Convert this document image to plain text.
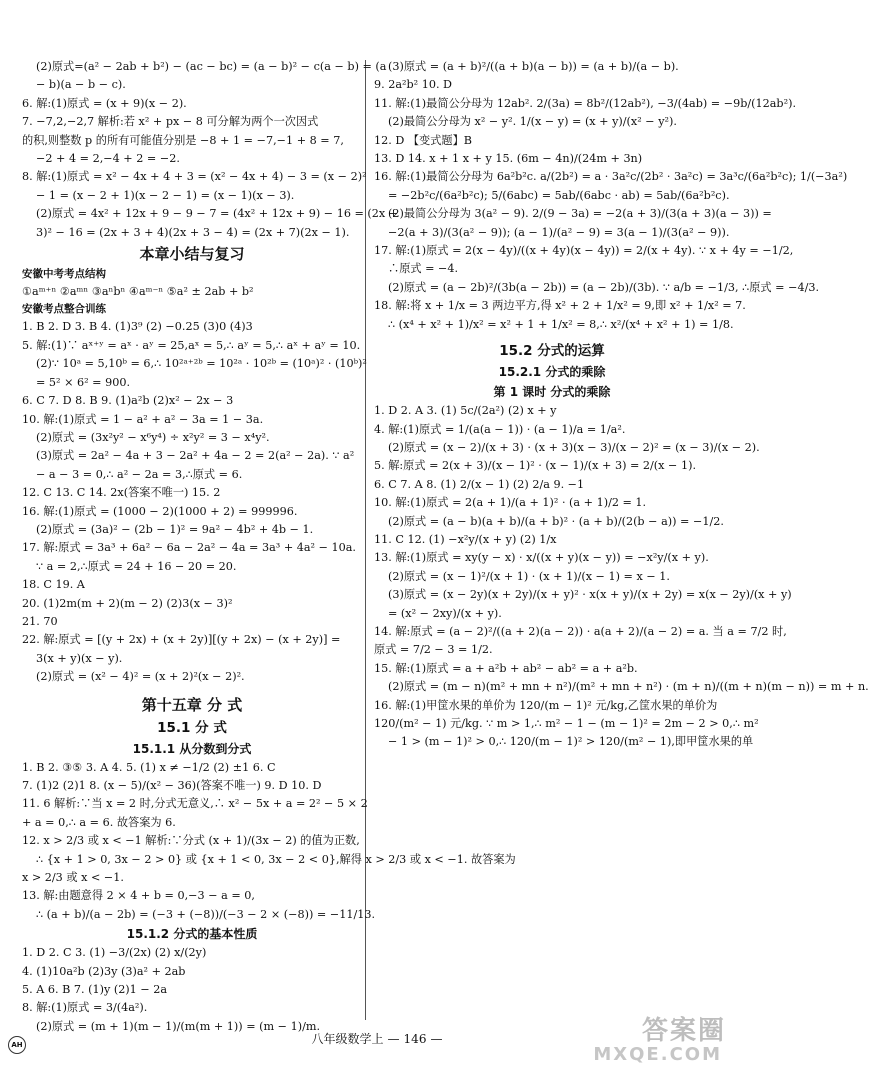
(2)原式=(a² − 2ab + b²) − (ac − bc) = (a − b)² − c(a − b) = (a
− b)(a − b − c).
6. 解:(1)原式 = (x + 9)(x − 2).
7. −7,2,−2,7 解析:若 x² + px − 8 可分解为两个一次因式
的积,则整数 p 的所有可能值分别是 −8 + 1 = −7,−1 + 8 = 7,
−2 + 4 = 2,−4 + 2 = −2.
8. 解:(1)原式 = x² − 4x + 4 + 3 = (x² − 4x + 4) − 3 = (x − 2)²
− 1 = (x − 2 + 1)(x − 2 − 1) = (x − 1)(x − 3).
(2)原式 = 4x² + 12x + 9 − 9 − 7 = (4x² + 12x + 9) − 16 = (2x +
3)² − 16 = (2x + 3 + 4)(2x + 3 − 4) = (2x + 7)(2x − 1).
本章小结与复习
安徽中考考点结构
①aᵐ⁺ⁿ ②aᵐⁿ ③aⁿbⁿ ④aᵐ⁻ⁿ ⑤a² ± 2ab + b²
安徽考点整合训练
1. B 2. D 3. B 4. (1)3⁹ (2) −0.25 (3)0 (4)3
5. 解:(1)∵ aˣ⁺ʸ = aˣ · aʸ = 25,aˣ = 5,∴ aʸ = 5,∴ aˣ + aʸ = 10.
(2)∵ 10ᵃ = 5,10ᵇ = 6,∴ 10²ᵃ⁺²ᵇ = 10²ᵃ · 10²ᵇ = (10ᵃ)² · (10ᵇ)²
= 5² × 6² = 900.
6. C 7. D 8. B 9. (1)a²b (2)x² − 2x − 3
10. 解:(1)原式 = 1 − a² + a² − 3a = 1 − 3a.
(2)原式 = (3x²y² − x⁶y⁴) ÷ x²y² = 3 − x⁴y².
(3)原式 = 2a² − 4a + 3 − 2a² + 4a − 2 = 2(a² − 2a). ∵ a²
− a − 3 = 0,∴ a² − 2a = 3,∴原式 = 6.
12. C 13. C 14. 2x(答案不唯一) 15. 2
16. 解:(1)原式 = (1000 − 2)(1000 + 2) = 999996.
(2)原式 = (3a)² − (2b − 1)² = 9a² − 4b² + 4b − 1.
17. 解:原式 = 3a³ + 6a² − 6a − 2a² − 4a = 3a³ + 4a² − 10a.
∵ a = 2,∴原式 = 24 + 16 − 20 = 20.
18. C 19. A
20. (1)2m(m + 2)(m − 2) (2)3(x − 3)²
21. 70
22. 解:原式 = [(y + 2x) + (x + 2y)][(y + 2x) − (x + 2y)] =
3(x + y)(x − y).
(2)原式 = (x² − 4)² = (x + 2)²(x − 2)².
第十五章 分 式
15.1 分 式
15.1.1 从分数到分式
1. B 2. ③⑤ 3. A 4. 5. (1) x ≠ −1/2 (2) ±1 6. C
7. (1)2 (2)1 8. (x − 5)/(x² − 36)(答案不唯一) 9. D 10. D
11. 6 解析:∵当 x = 2 时,分式无意义,∴ x² − 5x + a = 2² − 5 × 2
+ a = 0,∴ a = 6. 故答案为 6.
12. x > 2/3 或 x < −1 解析:∵分式 (x + 1)/(3x − 2) 的值为正数,
∴ {x + 1 > 0, 3x − 2 > 0} 或 {x + 1 < 0, 3x − 2 < 0},解得 x > 2/3 或 x < −1. 故答案为
x > 2/3 或 x < −1.
13. 解:由题意得 2 × 4 + b = 0,−3 − a = 0,
∴ (a + b)/(a − 2b) = (−3 + (−8))/(−3 − 2 × (−8)) = −11/13.
15.1.2 分式的基本性质
1. D 2. C 3. (1) −3/(2x) (2) x/(2y)
4. (1)10a²b (2)3y (3)a² + 2ab
5. A 6. B 7. (1)y (2)1 − 2a
8. 解:(1)原式 = 3/(4a²).
(2)原式 = (m + 1)(m − 1)/(m(m + 1)) = (m − 1)/m.
(3)原式 = (a + b)²/((a + b)(a − b)) = (a + b)/(a − b).
9. 2a²b² 10. D
11. 解:(1)最简公分母为 12ab². 2/(3a) = 8b²/(12ab²), −3/(4ab) = −9b/(12ab²).
(2)最简公分母为 x² − y². 1/(x − y) = (x + y)/(x² − y²).
12. D 【变式题】B
13. D 14. x + 1 x + y 15. (6m − 4n)/(24m + 3n)
16. 解:(1)最简公分母为 6a²b²c. a/(2b²) = a · 3a²c/(2b² · 3a²c) = 3a³c/(6a²b²c); 1/(−3a²)
= −2b²c/(6a²b²c); 5/(6abc) = 5ab/(6abc · ab) = 5ab/(6a²b²c).
(2)最简公分母为 3(a² − 9). 2/(9 − 3a) = −2(a + 3)/(3(a + 3)(a − 3)) =
−2(a + 3)/(3(a² − 9)); (a − 1)/(a² − 9) = 3(a − 1)/(3(a² − 9)).
17. 解:(1)原式 = 2(x − 4y)/((x + 4y)(x − 4y)) = 2/(x + 4y). ∵ x + 4y = −1/2,
∴原式 = −4.
(2)原式 = (a − 2b)²/(3b(a − 2b)) = (a − 2b)/(3b). ∵ a/b = −1/3, ∴原式 = −4/3.
18. 解:将 x + 1/x = 3 两边平方,得 x² + 2 + 1/x² = 9,即 x² + 1/x² = 7.
∴ (x⁴ + x² + 1)/x² = x² + 1 + 1/x² = 8,∴ x²/(x⁴ + x² + 1) = 1/8.
15.2 分式的运算
15.2.1 分式的乘除
第 1 课时 分式的乘除
1. D 2. A 3. (1) 5c/(2a²) (2) x + y
4. 解:(1)原式 = 1/(a(a − 1)) · (a − 1)/a = 1/a².
(2)原式 = (x − 2)/(x + 3) · (x + 3)(x − 3)/(x − 2)² = (x − 3)/(x − 2).
5. 解:原式 = 2(x + 3)/(x − 1)² · (x − 1)/(x + 3) = 2/(x − 1).
6. C 7. A 8. (1) 2/(x − 1) (2) 2/a 9. −1
10. 解:(1)原式 = 2(a + 1)/(a + 1)² · (a + 1)/2 = 1.
(2)原式 = (a − b)(a + b)/(a + b)² · (a + b)/(2(b − a)) = −1/2.
11. C 12. (1) −x²y/(x + y) (2) 1/x
13. 解:(1)原式 = xy(y − x) · x/((x + y)(x − y)) = −x²y/(x + y).
(2)原式 = (x − 1)²/(x + 1) · (x + 1)/(x − 1) = x − 1.
(3)原式 = (x − 2y)(x + 2y)/(x + y)² · x(x + y)/(x + 2y) = x(x − 2y)/(x + y)
= (x² − 2xy)/(x + y).
14. 解:原式 = (a − 2)²/((a + 2)(a − 2)) · a(a + 2)/(a − 2) = a. 当 a = 7/2 时,
原式 = 7/2 − 3 = 1/2.
15. 解:(1)原式 = a + a²b + ab² − ab² = a + a²b.
(2)原式 = (m − n)(m² + mn + n²)/(m² + mn + n²) · (m + n)/((m + n)(m − n)) = m + n.
16. 解:(1)甲筐水果的单价为 120/(m − 1)² 元/kg,乙筐水果的单价为
120/(m² − 1) 元/kg. ∵ m > 1,∴ m² − 1 − (m − 1)² = 2m − 2 > 0,∴ m²
− 1 > (m − 1)² > 0,∴ 120/(m − 1)² > 120/(m² − 1),即甲筐水果的单
AH	八年级数学上 — 146 —	答案圈
MXQE.COM
